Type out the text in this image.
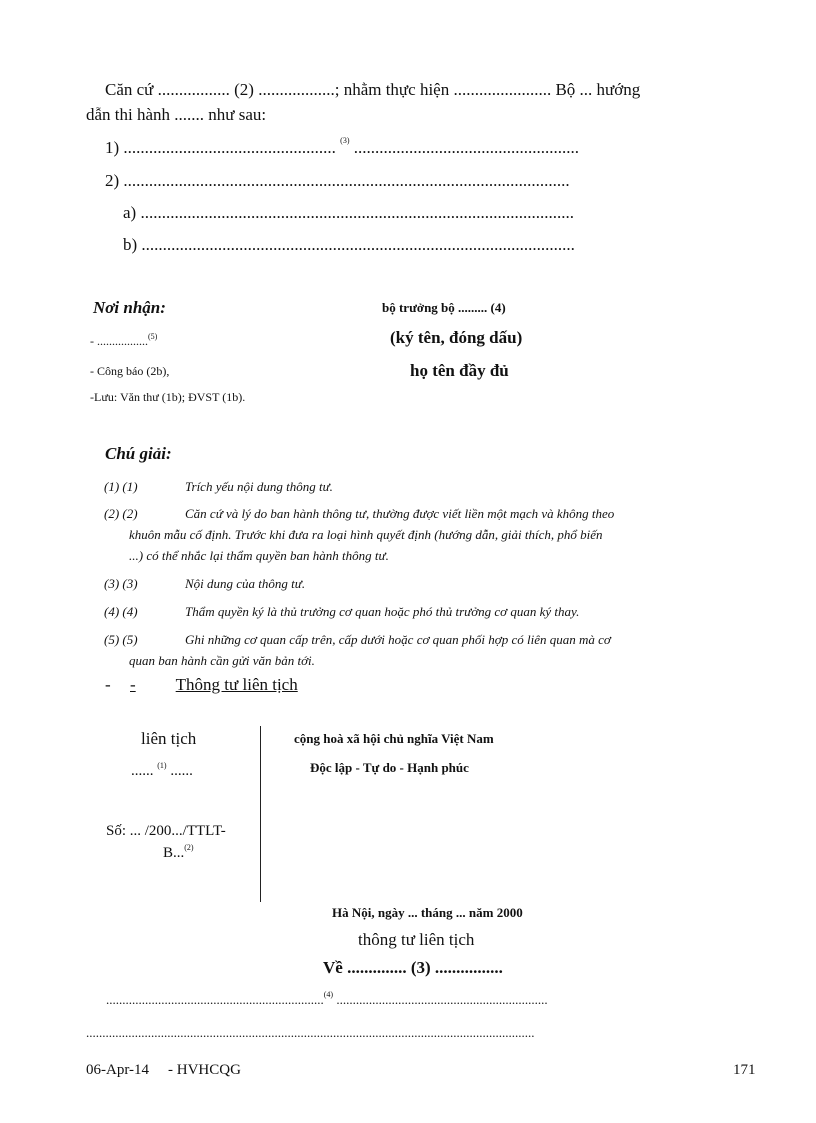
Căn cứ ................. (2) ..................; nhằm thực hiện ....................... Bộ ... hướng
dẫn thi hành ....... như sau:
1) .................................................. $^{(3)}$ .....................................................
2) .........................................................................................................
a) ......................................................................................................
b) ......................................................................................................
Nơi nhận:
- .................$^{(5)}$
- Công báo (2b),
-Lưu: Văn thư (1b); ĐVST (1b).
bộ trưởng bộ ......... (4)
(ký tên, đóng dấu)
họ tên đầy đủ
Chú giải:
(1) (1)	Trích yếu nội dung thông tư.
(2) (2)	Căn cứ và lý do ban hành thông tư, thường được viết liền một mạch và không theo
khuôn mẫu cố định. Trước khi đưa ra loại hình quyết định (hướng dẫn, giải thích, phổ biến
...) có thể nhắc lại thẩm quyền ban hành thông tư.
(3) (3)	Nội dung của thông tư.
(4) (4)	Thẩm quyền ký là thủ trưởng cơ quan hoặc phó thủ trưởng cơ quan ký thay.
(5) (5)	Ghi những cơ quan cấp trên, cấp dưới hoặc cơ quan phối hợp có liên quan mà cơ
quan ban hành cần gửi văn bản tới.
- - Thông tư liên tịch
liên tịch
...... $^{(1)}$ ......
Số: ... /200.../TTLT-
B...$^{(2)}$
cộng hoà xã hội chủ nghĩa Việt Nam
Độc lập - Tự do - Hạnh phúc
Hà Nội, ngày ... tháng ... năm 2000
thông tư liên tịch
Về .............. (3) ................
...................................................................$^{(4)}$ .................................................................
..........................................................................................................................................
06-Apr-14 - HVHCQG	171
